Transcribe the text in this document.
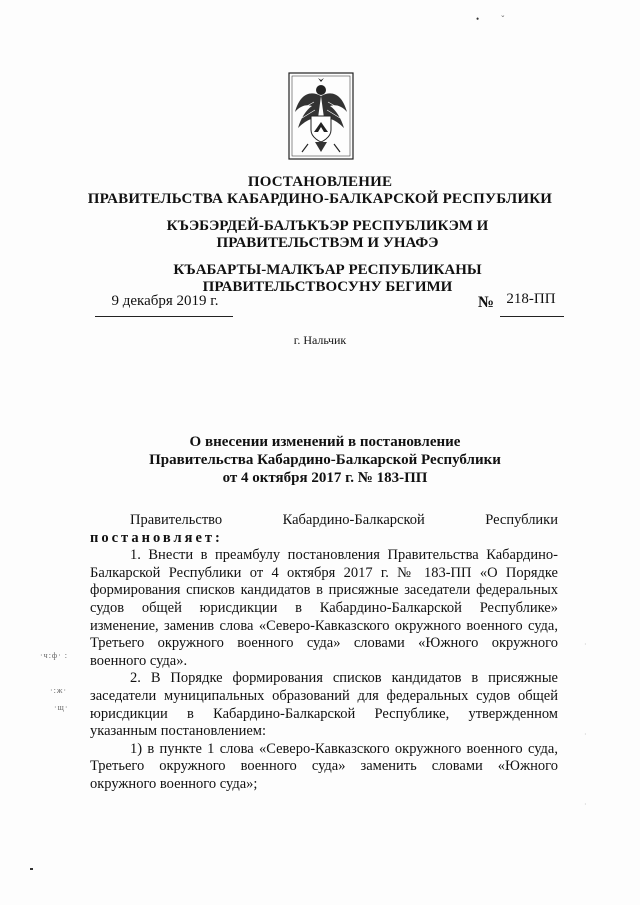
• ˘
ПОСТАНОВЛЕНИЕ
ПРАВИТЕЛЬСТВА КАБАРДИНО-БАЛКАРСКОЙ РЕСПУБЛИКИ
КЪЭБЭРДЕЙ-БАЛЪКЪЭР РЕСПУБЛИКЭМ И ПРАВИТЕЛЬСТВЭМ И УНАФЭ
КЪАБАРТЫ-МАЛКЪАР РЕСПУБЛИКАНЫ ПРАВИТЕЛЬСТВОСУНУ БЕГИМИ
9 декабря 2019 г.	№ 218-ПП
г. Нальчик
О внесении изменений в постановление
Правительства Кабардино-Балкарской Республики
от 4 октября 2017 г. № 183-ПП
Правительство	Кабардино-Балкарской	Республики

постановляет:

1. Внести в преамбулу постановления Правительства Кабардино-Балкарской Республики от 4 октября 2017 г. № 183-ПП «О Порядке формирования списков кандидатов в присяжные заседатели федеральных судов общей юрисдикции в Кабардино-Балкарской Республике» изменение, заменив слова «Северо-Кавказского окружного военного суда, Третьего окружного военного суда» словами «Южного окружного военного суда».

2. В Порядке формирования списков кандидатов в присяжные заседатели муниципальных образований для федеральных судов общей юрисдикции в Кабардино-Балкарской Республике, утвержденном указанным постановлением:

1) в пункте 1 слова «Северо-Кавказского окружного военного суда, Третьего окружного военного суда» заменить словами «Южного окружного военного суда»;

·ч:ф· :
·:ж·
·щ·
·
·
·
